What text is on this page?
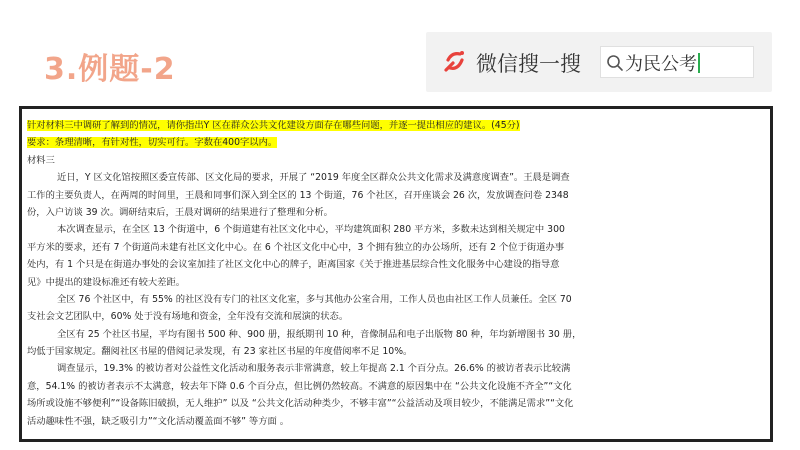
3.例题-2	微信搜一搜 为民公考
针对材料三中调研了解到的情况，请你指出Y 区在群众公共文化建设方面存在哪些问题，并逐一提出相应的建议。(45分)
要求：条理清晰，有针对性，切实可行。字数在400字以内。
材料三
近日，Y 区文化馆按照区委宣传部、区文化局的要求，开展了 “2019 年度全区群众公共文化需求及满意度调查”。王晨是调查
工作的主要负责人，在两周的时间里，王晨和同事们深入到全区的 13 个街道，76 个社区，召开座谈会 26 次，发放调查问卷 2348
份，入户访谈 39 次。调研结束后，王晨对调研的结果进行了整理和分析。
本次调查显示，在全区 13 个街道中，6 个街道建有社区文化中心，平均建筑面积 280 平方米，多数未达到相关规定中 300
平方米的要求，还有 7 个街道尚未建有社区文化中心。在 6 个社区文化中心中，3 个拥有独立的办公场所，还有 2 个位于街道办事
处内，有 1 个只是在街道办事处的会议室加挂了社区文化中心的牌子，距离国家《关于推进基层综合性文化服务中心建设的指导意
见》中提出的建设标准还有较大差距。
全区 76 个社区中，有 55% 的社区没有专门的社区文化室，多与其他办公室合用，工作人员也由社区工作人员兼任。全区 70
支社会文艺团队中，60% 处于没有场地和资金，全年没有交流和展演的状态。
全区有 25 个社区书屋，平均有图书 500 种、900 册，报纸期刊 10 种，音像制品和电子出版物 80 种，年均新增图书 30 册，
均低于国家规定。翻阅社区书屋的借阅记录发现，有 23 家社区书屋的年度借阅率不足 10%。
调查显示，19.3% 的被访者对公益性文化活动和服务表示非常满意，较上年提高 2.1 个百分点。26.6% 的被访者表示比较满
意，54.1% 的被访者表示不太满意，较去年下降 0.6 个百分点，但比例仍然较高。不满意的原因集中在 “公共文化设施不齐全”“文化
场所或设施不够便利”“设备陈旧破损，无人维护” 以及 “公共文化活动种类少，不够丰富”“公益活动及项目较少，不能满足需求”“文化
活动趣味性不强，缺乏吸引力”“文化活动覆盖面不够” 等方面 。
